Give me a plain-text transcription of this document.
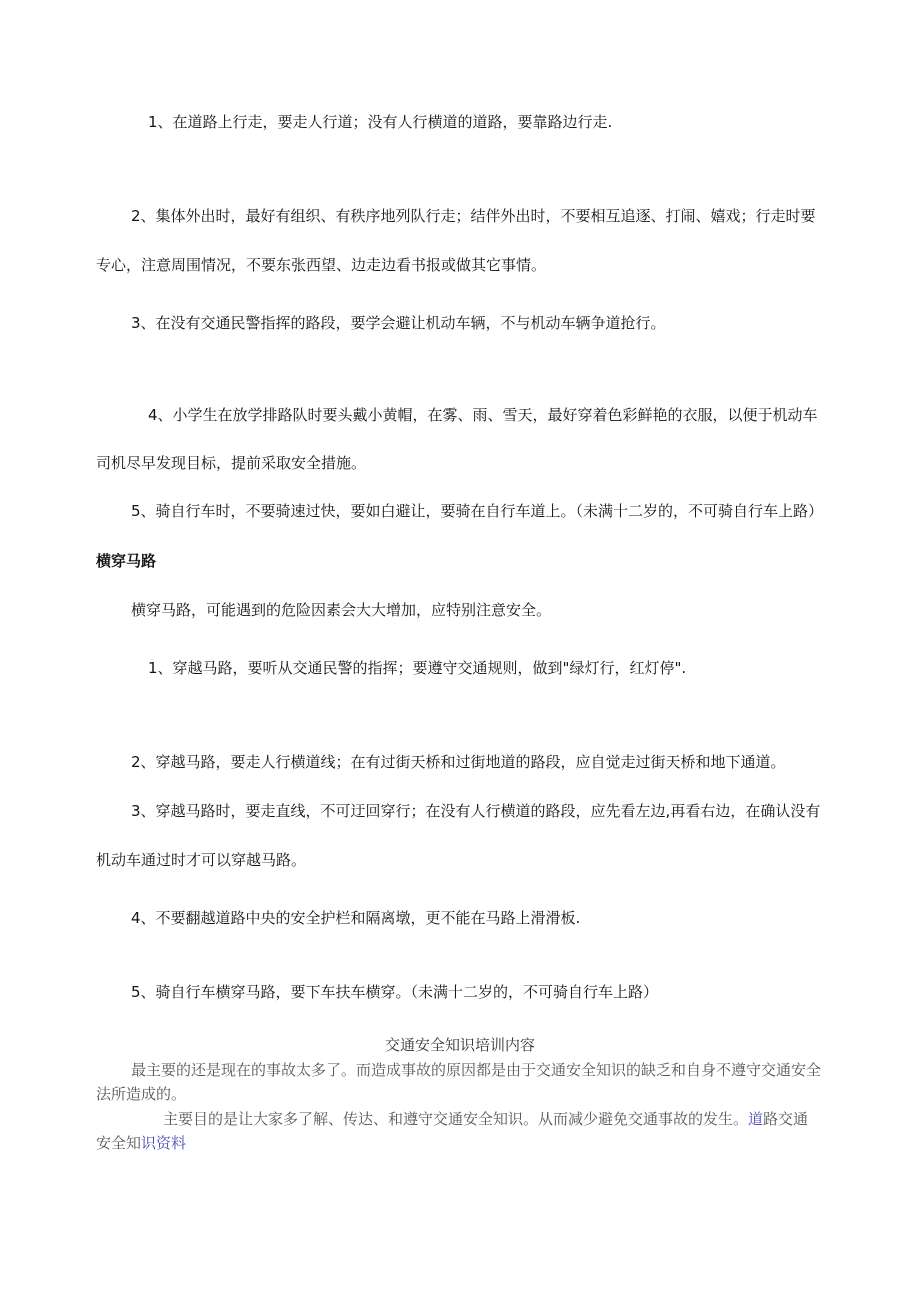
1、在道路上行走，要走人行道；没有人行横道的道路，要靠路边行走.

2、集体外出时，最好有组织、有秩序地列队行走；结伴外出时，不要相互追逐、打闹、嬉戏；行走时要

专心，注意周围情况，不要东张西望、边走边看书报或做其它事情。

3、在没有交通民警指挥的路段，要学会避让机动车辆，不与机动车辆争道抢行。

4、小学生在放学排路队时要头戴小黄帽，在雾、雨、雪天，最好穿着色彩鲜艳的衣服，以便于机动车

司机尽早发现目标，提前采取安全措施。

5、骑自行车时，不要骑速过快，要如白避让，要骑在自行车道上。（未满十二岁的，不可骑自行车上路）

横穿马路

横穿马路，可能遇到的危险因素会大大增加，应特别注意安全。

1、穿越马路，要听从交通民警的指挥；要遵守交通规则，做到"绿灯行，红灯停".

2、穿越马路，要走人行横道线；在有过街天桥和过街地道的路段，应自觉走过街天桥和地下通道。

3、穿越马路时，要走直线，不可迂回穿行；在没有人行横道的路段，应先看左边,再看右边，在确认没有

机动车通过时才可以穿越马路。

4、不要翻越道路中央的安全护栏和隔离墩，更不能在马路上滑滑板.

5、骑自行车横穿马路，要下车扶车横穿。（未满十二岁的，不可骑自行车上路）

交通安全知识培训内容

最主要的还是现在的事故太多了。而造成事故的原因都是由于交通安全知识的缺乏和自身不遵守交通安全

法所造成的。

主要目的是让大家多了解、传达、和遵守交通安全知识。从而减少避免交通事故的发生。道路交通

安全知识资料
